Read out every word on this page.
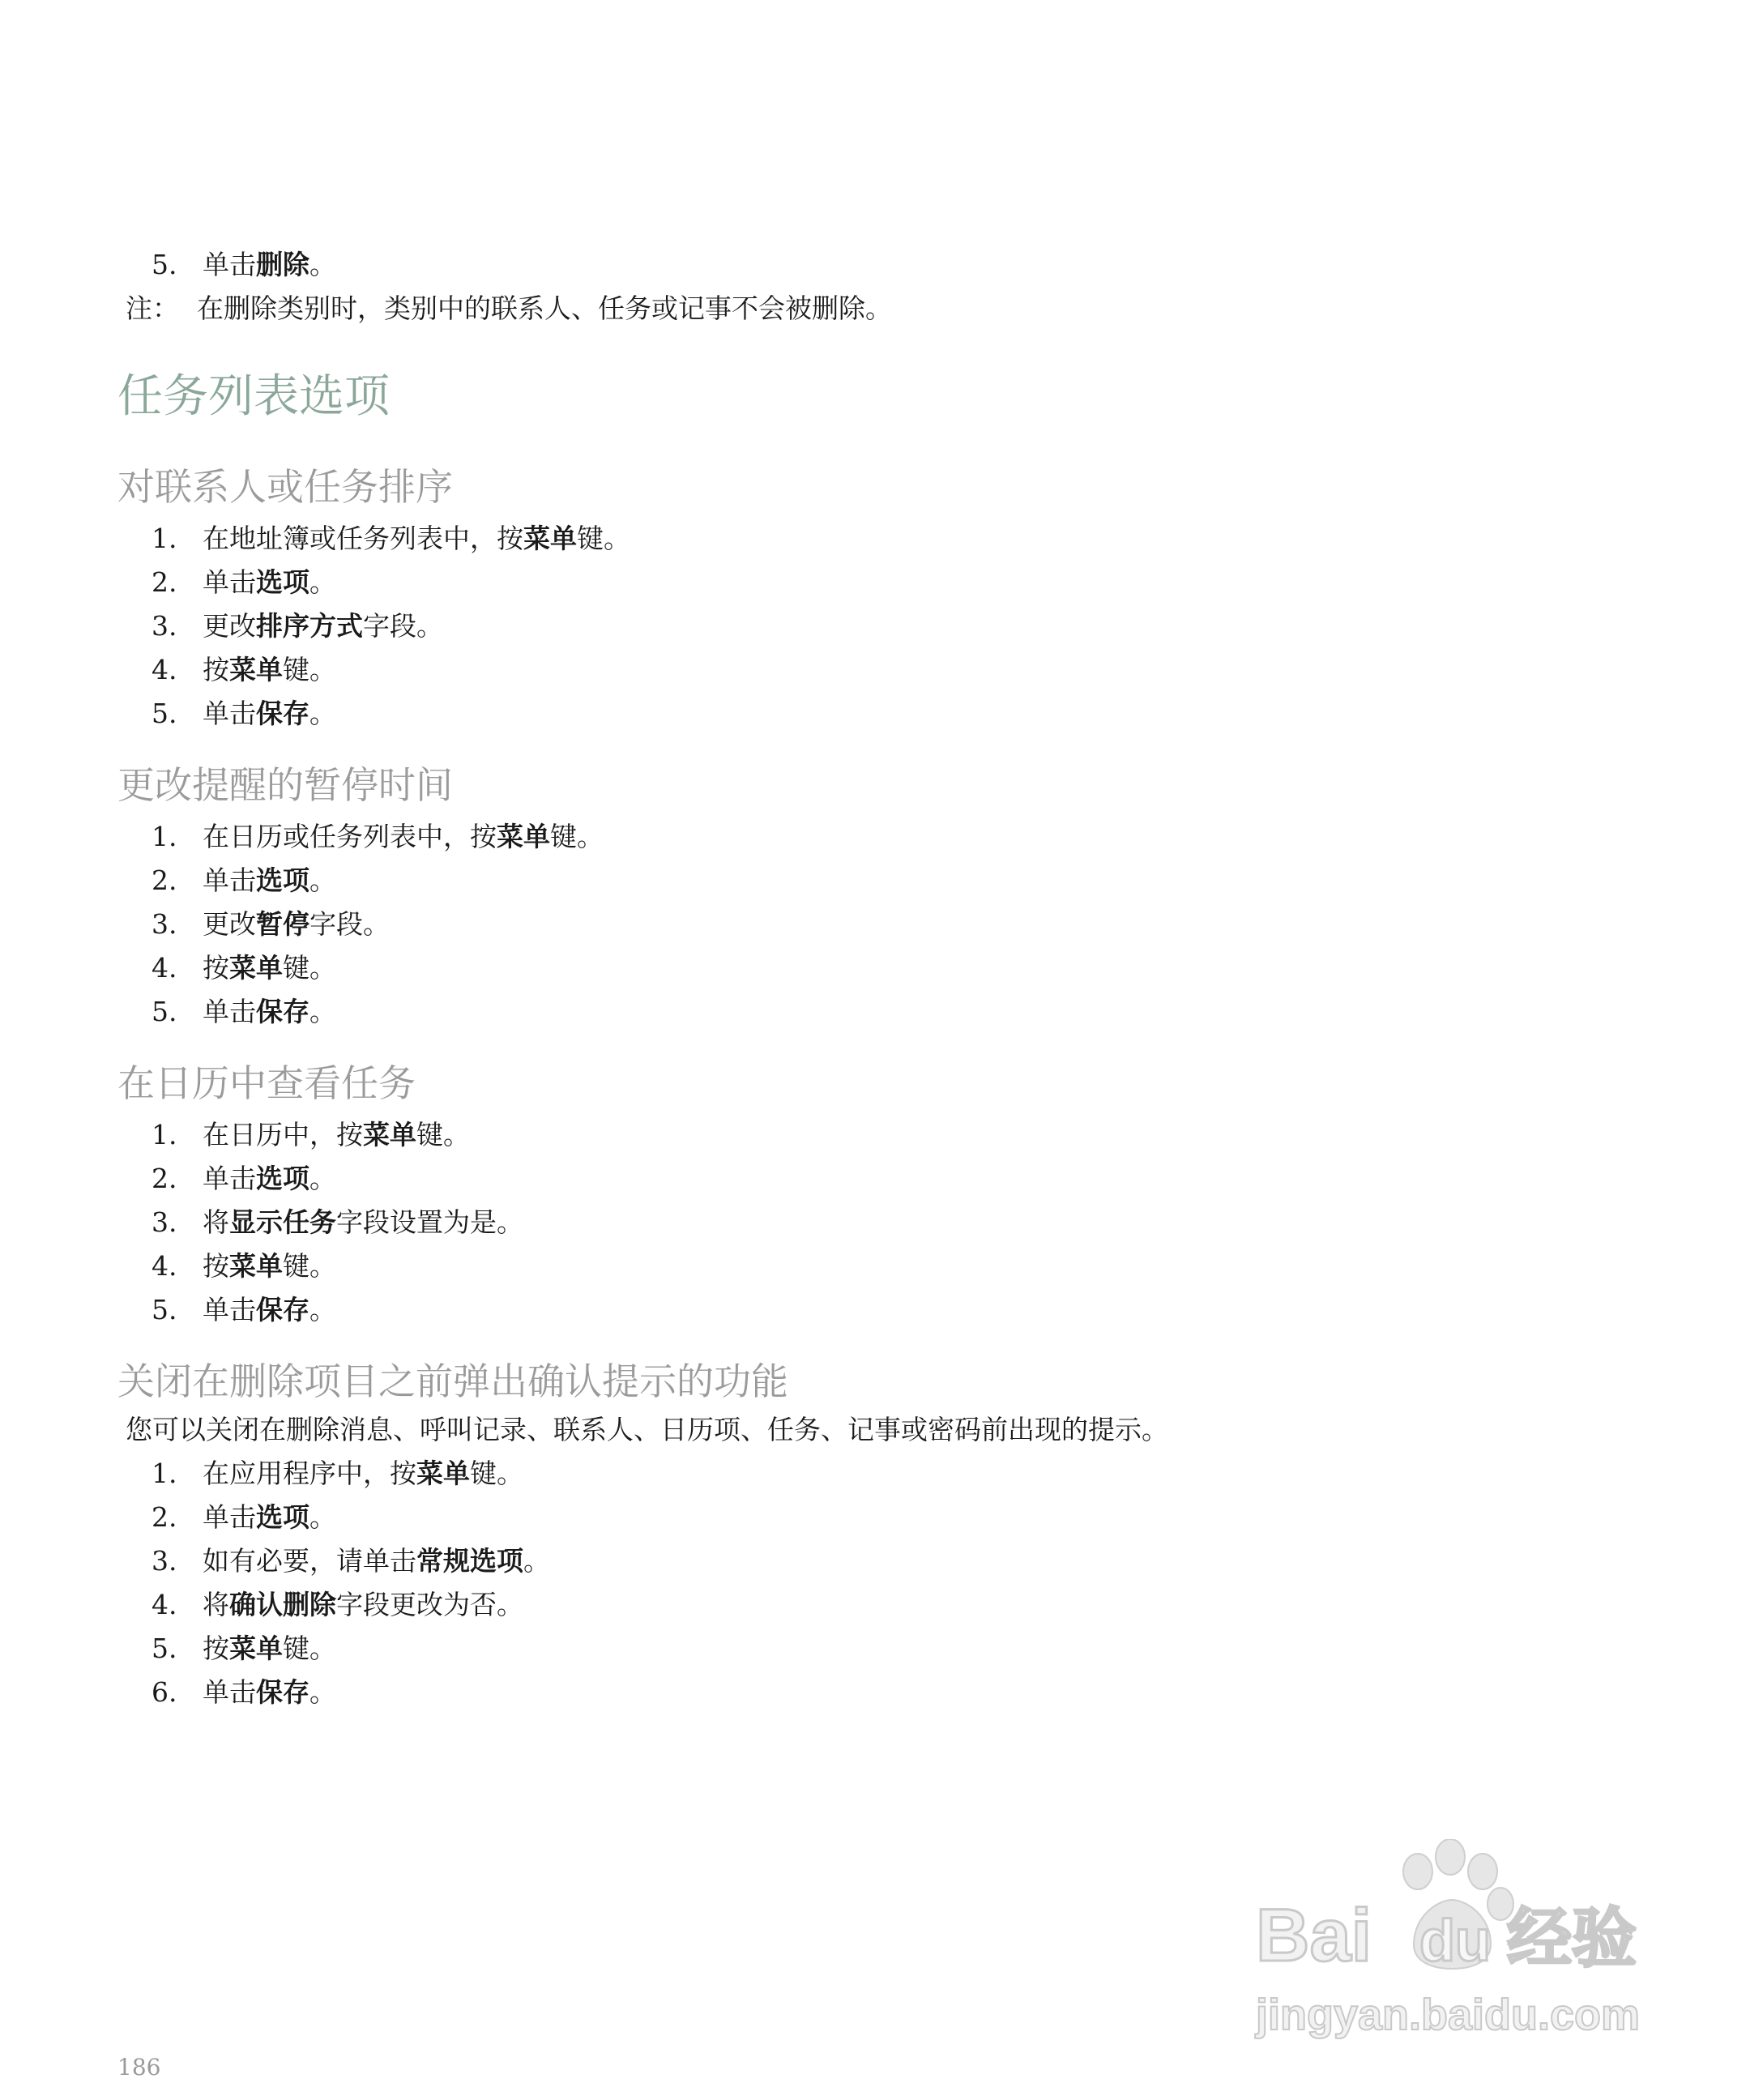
5. 单击删除。
注： 在删除类别时，类别中的联系人、任务或记事不会被删除。
任务列表选项
对联系人或任务排序
1. 在地址簿或任务列表中，按菜单键。
2. 单击选项。
3. 更改排序方式字段。
4. 按菜单键。
5. 单击保存。
更改提醒的暂停时间
1. 在日历或任务列表中，按菜单键。
2. 单击选项。
3. 更改暂停字段。
4. 按菜单键。
5. 单击保存。
在日历中查看任务
1. 在日历中，按菜单键。
2. 单击选项。
3. 将显示任务字段设置为是。
4. 按菜单键。
5. 单击保存。
关闭在删除项目之前弹出确认提示的功能
您可以关闭在删除消息、呼叫记录、联系人、日历项、任务、记事或密码前出现的提示。
1. 在应用程序中，按菜单键。
2. 单击选项。
3. 如有必要，请单击常规选项。
4. 将确认删除字段更改为否。
5. 按菜单键。
6. 单击保存。
Bai du 经验
jingyan.baidu.com
186
